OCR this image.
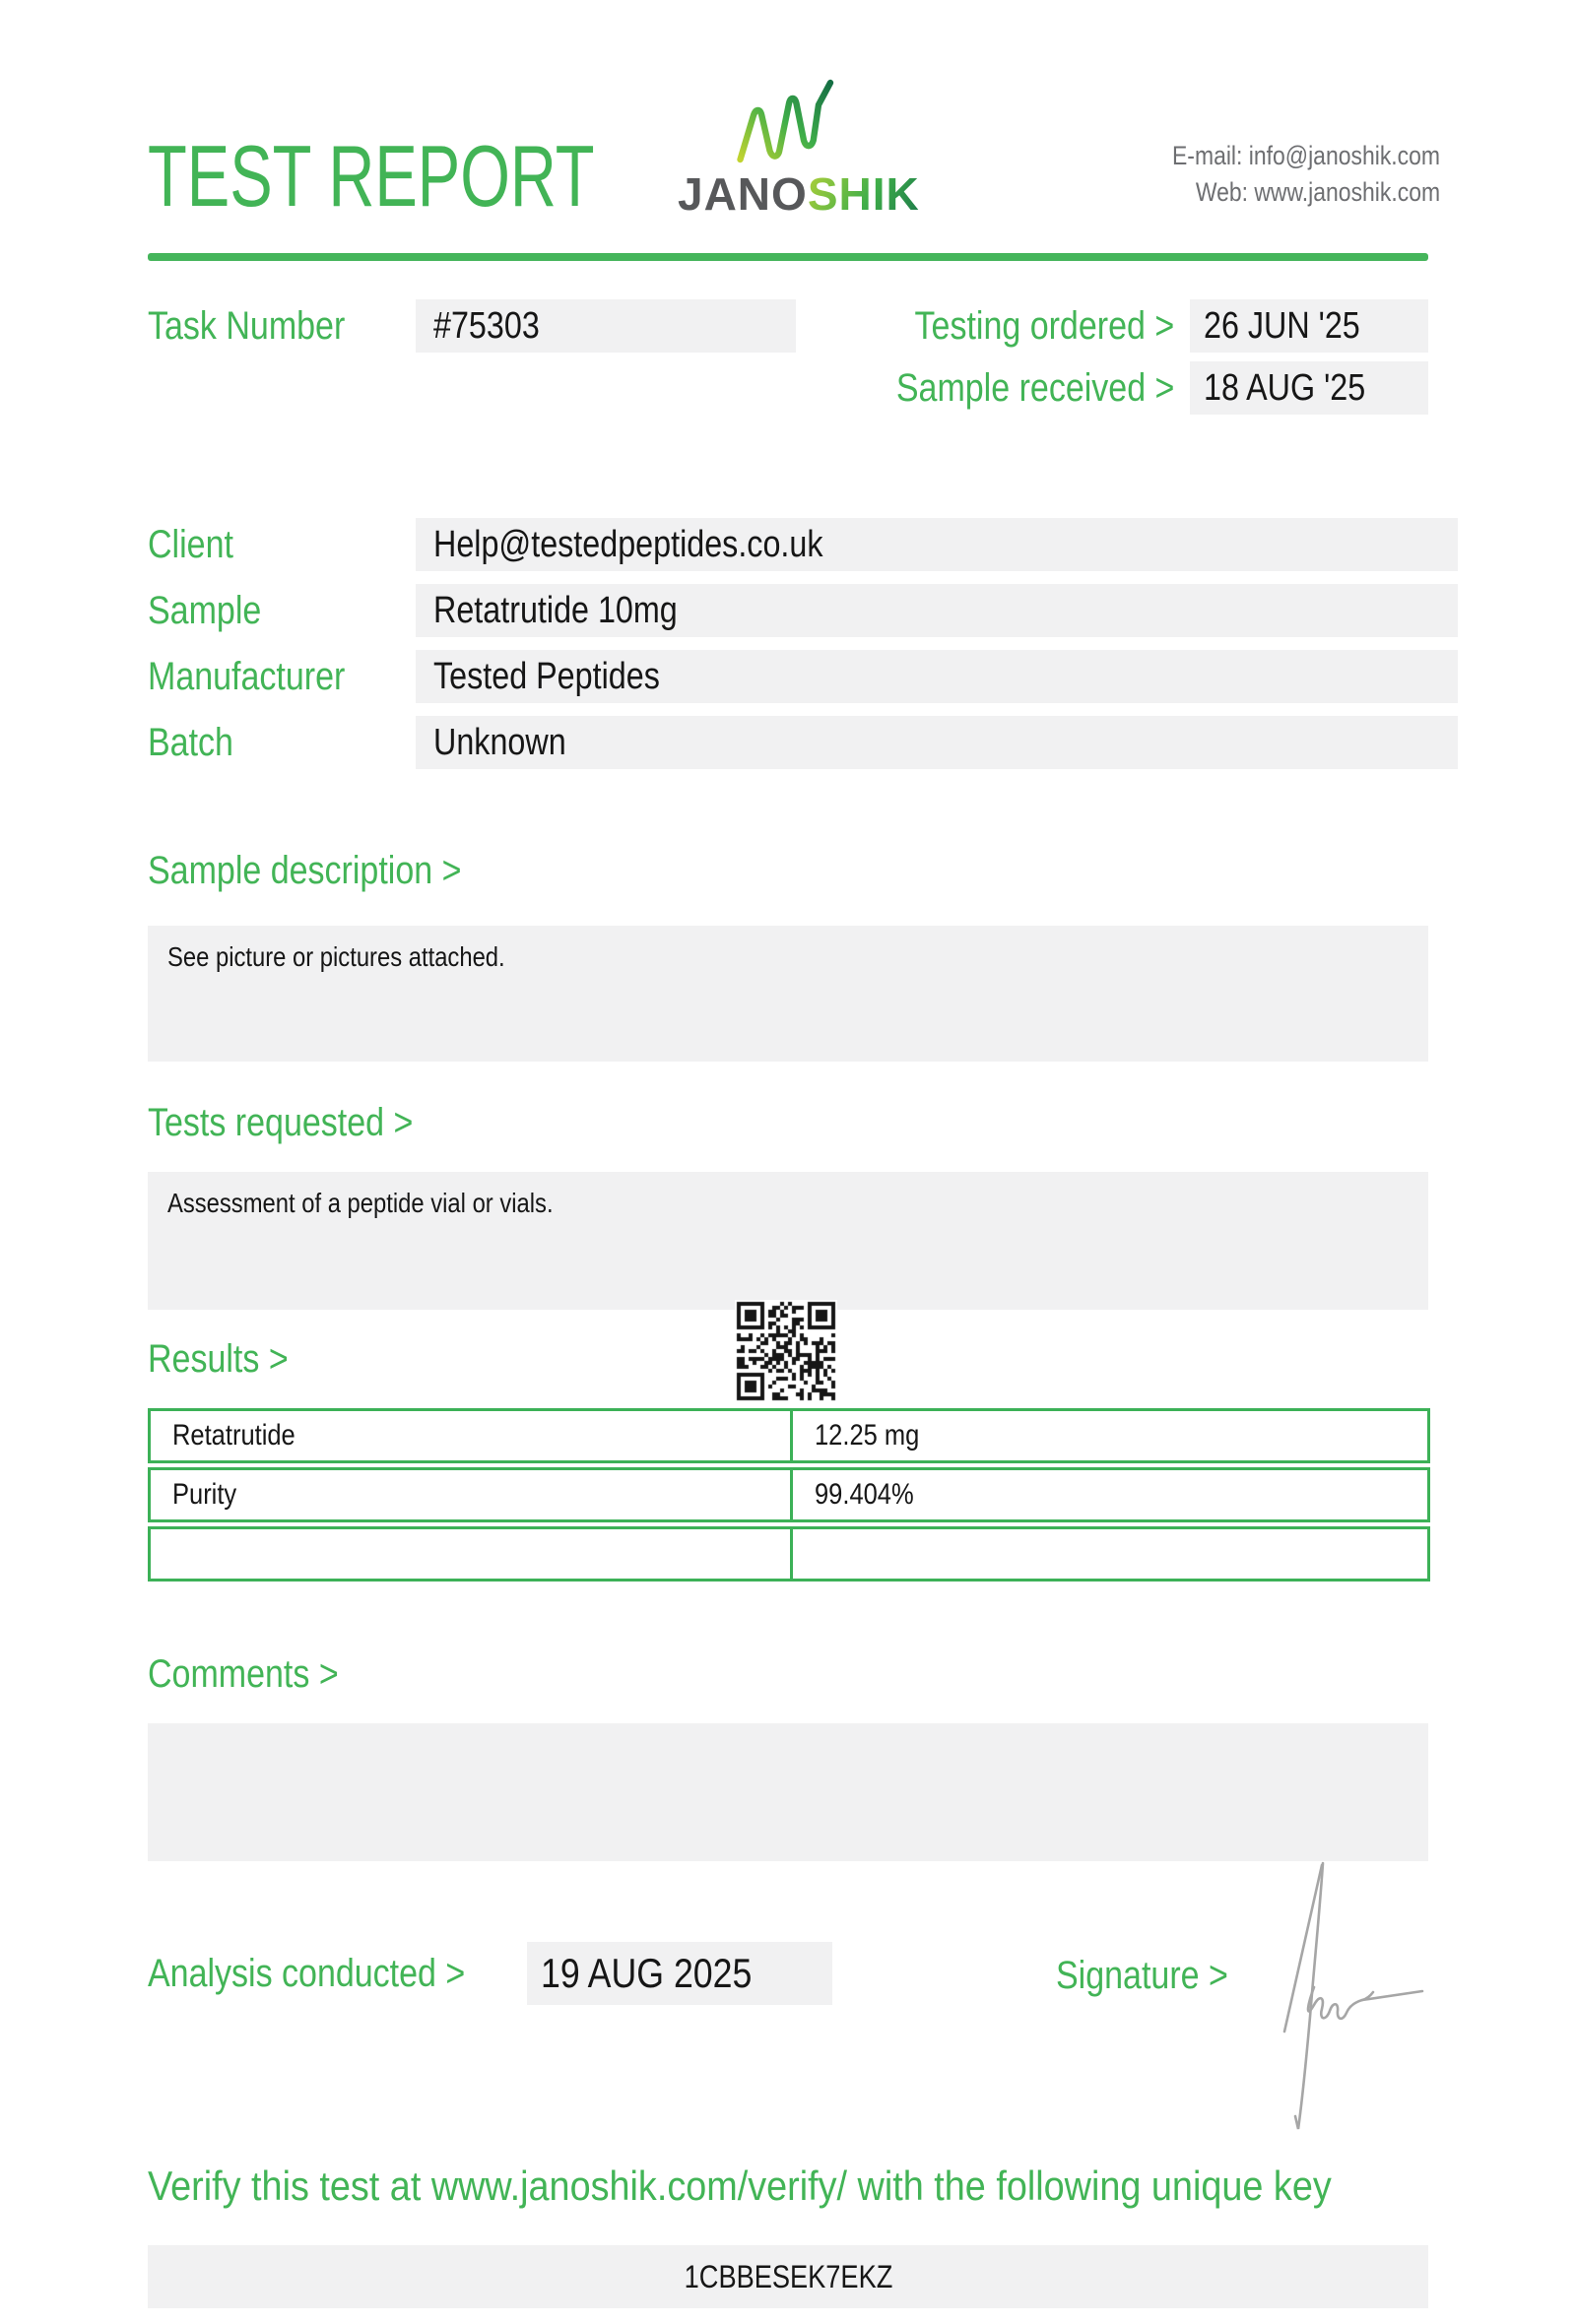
TEST REPORT JANOSHIK
E-mail: info@janoshik.com
Web: www.janoshik.com
Task Number	#75303	Testing ordered > 26 JUN '25
Sample received > 18 AUG '25
Client	Help@testedpeptides.co.uk
Sample	Retatrutide 10mg
Manufacturer	Tested Peptides
Batch	Unknown
Sample description >
See picture or pictures attached.
Tests requested >
Assessment of a peptide vial or vials.
Results >
Retatrutide	12.25 mg
Purity	99.404%
Comments >
Analysis conducted >	19 AUG 2025	Signature >
Verify this test at www.janoshik.com/verify/ with the following unique key
1CBBESEK7EKZ
